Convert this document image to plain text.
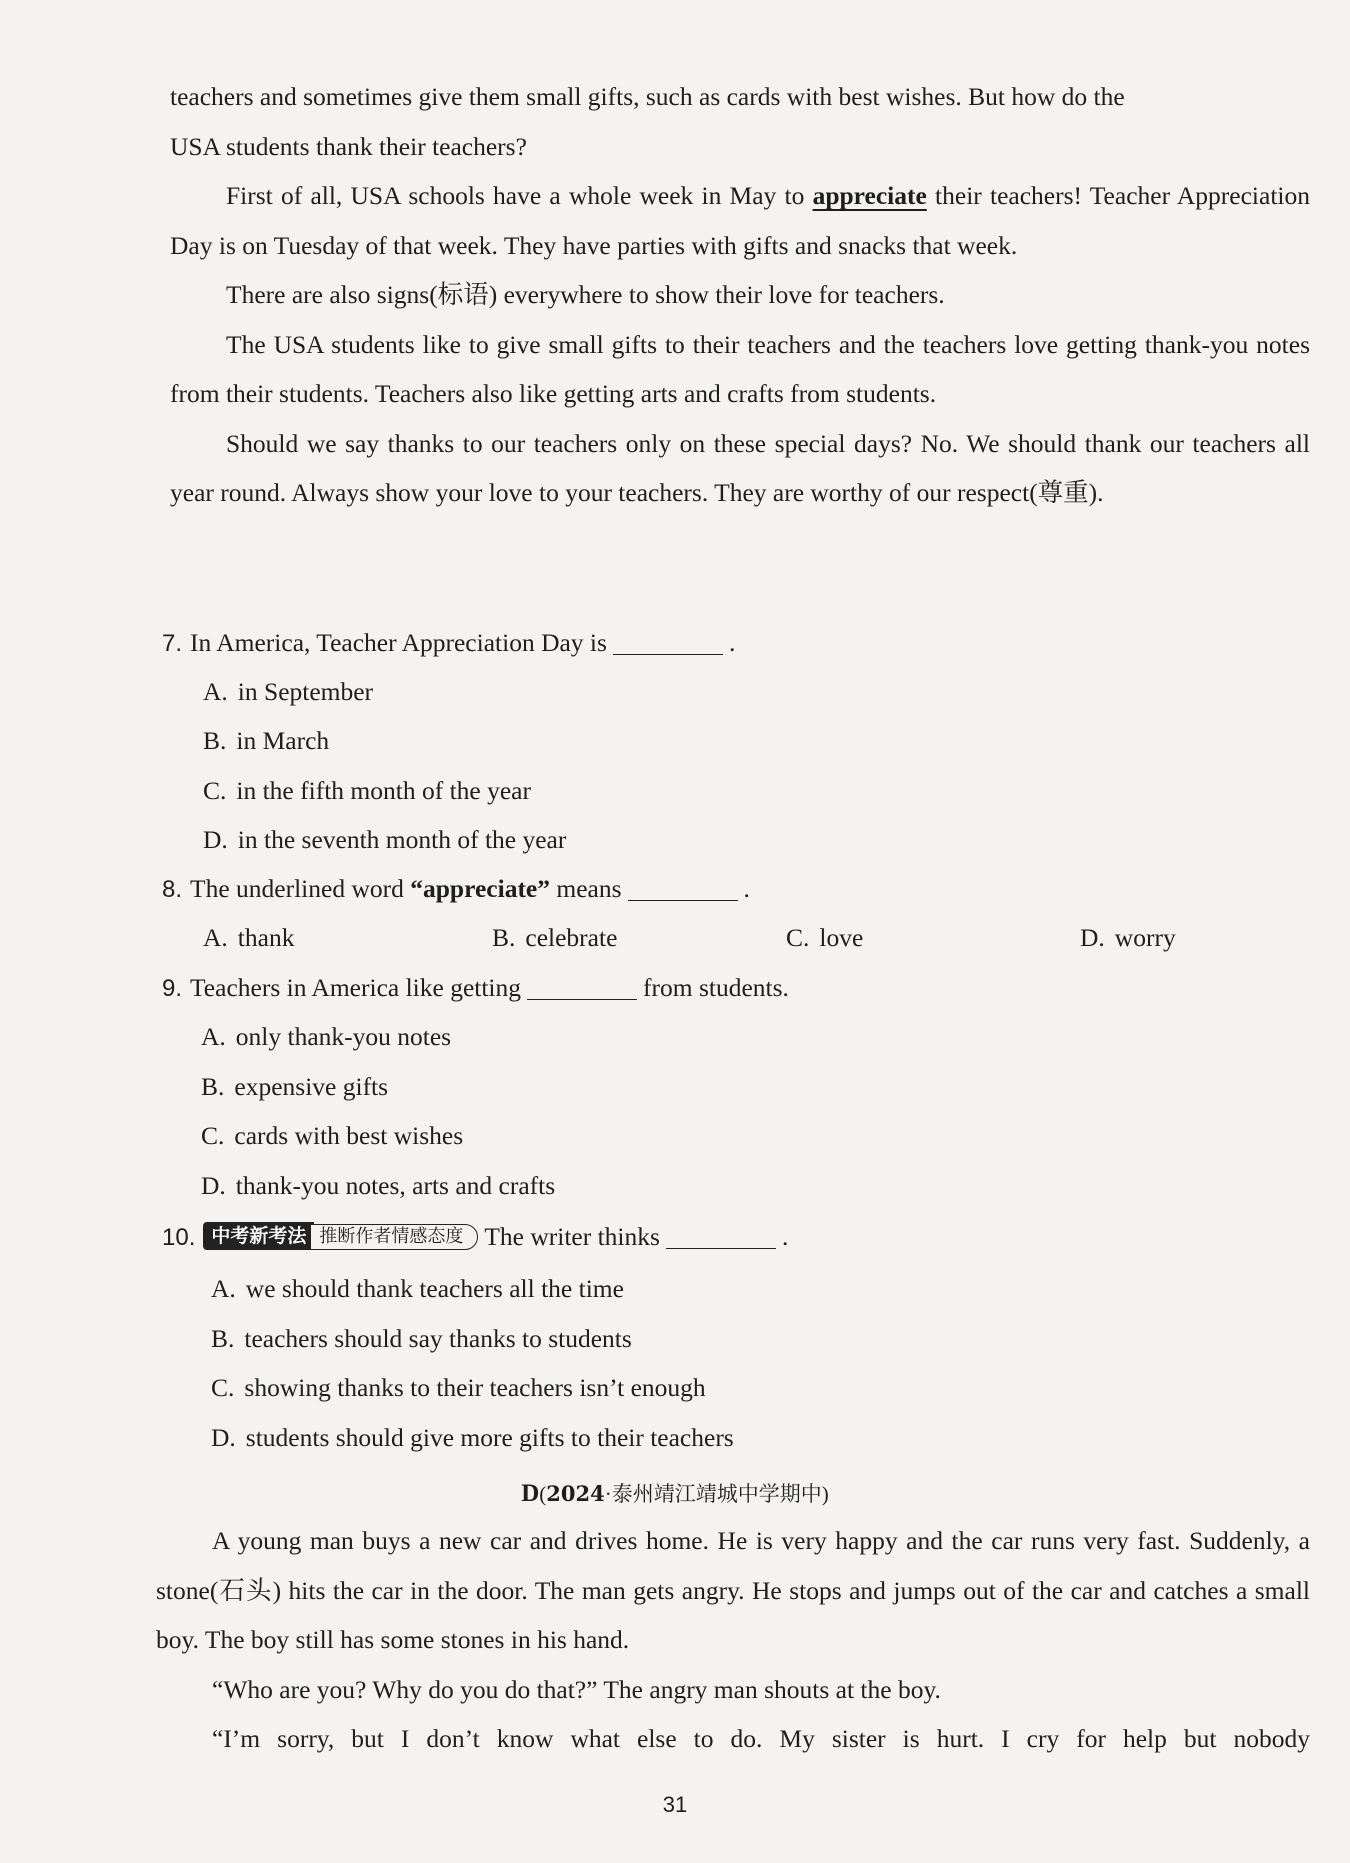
teachers and sometimes give them small gifts, such as cards with best wishes. But how do the

USA students thank their teachers?

First of all, USA schools have a whole week in May to appreciate their teachers! Teacher Appreciation Day is on Tuesday of that week. They have parties with gifts and snacks that week.

There are also signs(标语) everywhere to show their love for teachers.

The USA students like to give small gifts to their teachers and the teachers love getting thank-you notes from their students. Teachers also like getting arts and crafts from students.

Should we say thanks to our teachers only on these special days? No. We should thank our teachers all year round. Always show your love to your teachers. They are worthy of our respect(尊重).

7. In America, Teacher Appreciation Day is	.
A. in September
B. in March
C. in the fifth month of the year
D. in the seventh month of the year
8. The underlined word “appreciate” means	.
A. thank	B. celebrate	C. love	D. worry
9. Teachers in America like getting	from students.
A. only thank-you notes
B. expensive gifts
C. cards with best wishes
D. thank-you notes, arts and crafts
10. 中考新考法 推断作者情感态度 The writer thinks	.
A. we should thank teachers all the time
B. teachers should say thanks to students
C. showing thanks to their teachers isn’t enough
D. students should give more gifts to their teachers
D(2024·泰州靖江靖城中学期中)

A young man buys a new car and drives home. He is very happy and the car runs very fast. Suddenly, a stone(石头) hits the car in the door. The man gets angry. He stops and jumps out of the car and catches a small boy. The boy still has some stones in his hand.

“Who are you? Why do you do that?” The angry man shouts at the boy.

“I’m sorry, but I don’t know what else to do. My sister is hurt. I cry for help but nobody

31
